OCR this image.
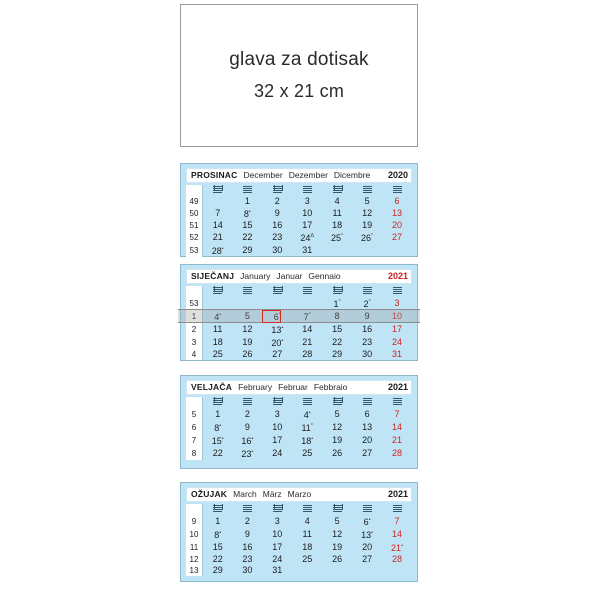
glava za dotisak
32 x 21 cm
PROSINAC December Dezember Dicembre	2020

49		1	2	3	4	5	6
50	7	8•	9	10	11	12	13
51	14	15	16	17	18	19	20
52	21	22	23	$24^\Delta$	25°	26°	27
53	28•	29	30	31			
SIJEČANJ January Januar Gennaio	2021

53					1°	2°	3
1	4•	5	6°	7°	8	9	10
2	11	12	13•	14	15	16	17
3	18	19	20•	21	22	23	24
4	25	26	27	28	29	30	31
VELJAČA February Februar Febbraio	2021

5	1	2	3	4•	5	6	7
6	8•	9	10	11°	12	13	14
7	15•	16•	17	18•	19	20	21
8	22	23•	24	25	26	27	28
OŽUJAK March März Marzo	2021

9	1	2	3	4	5	6•	7
10	8•	9	10	11	12	13•	14
11	15	16	17	18	19	20	21•
12	22	23	24	25	26	27	28
13	29	30	31				
